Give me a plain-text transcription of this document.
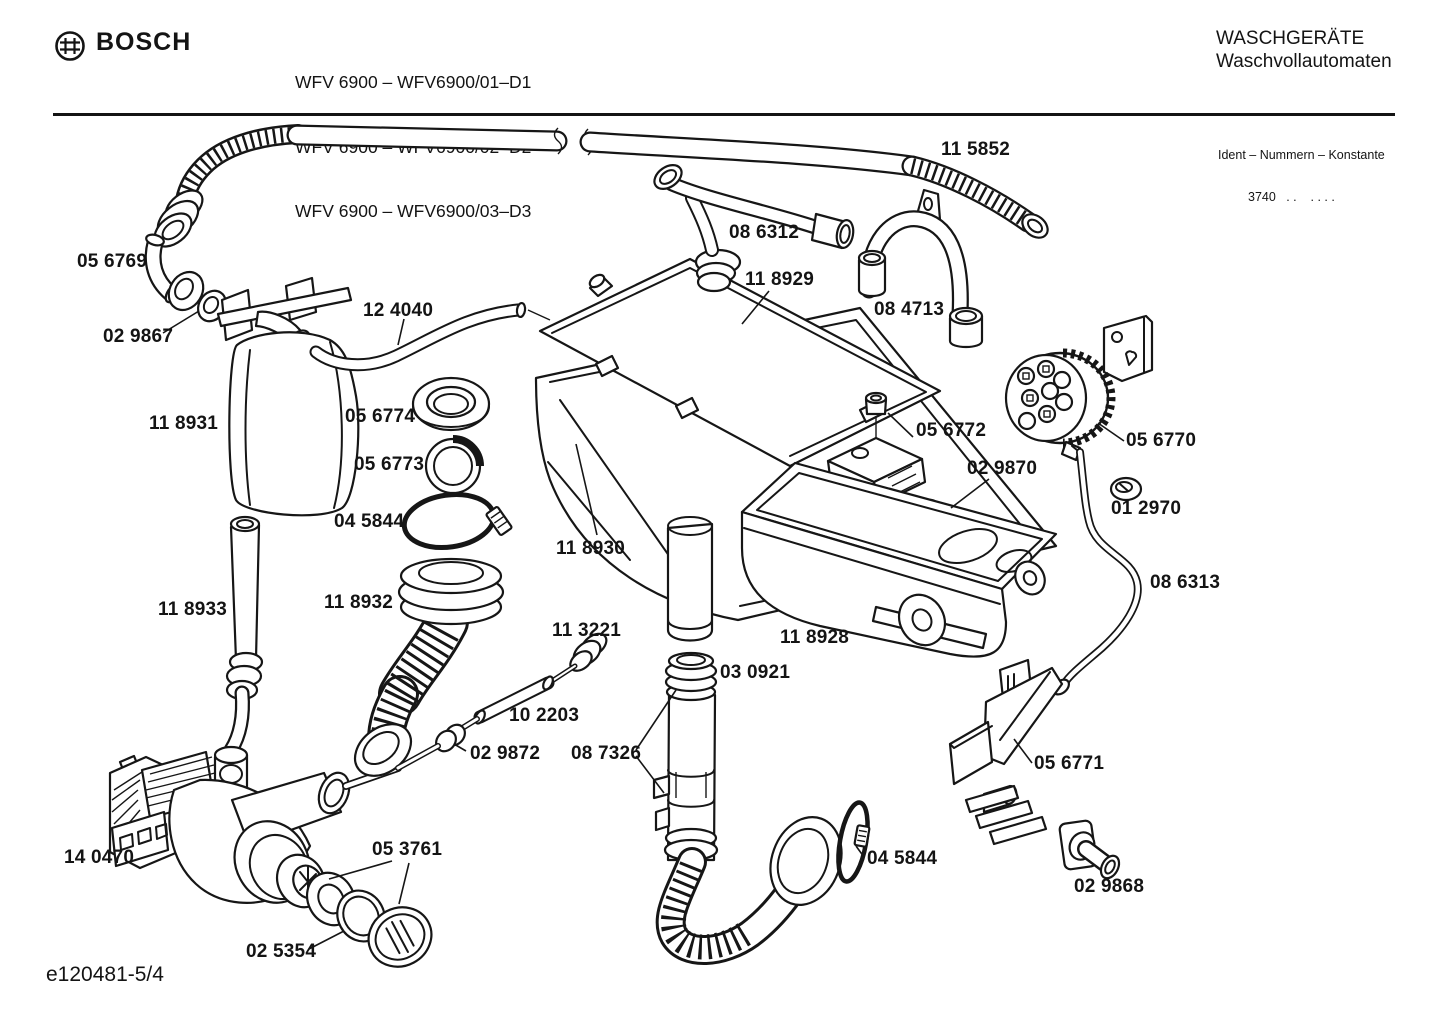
BOSCH

WFV 6900 – WFV6900/01–D1

WFV 6900 – WFV6900/02–D2

WFV 6900 – WFV6900/03–D3

WASCHGERÄTE
Waschvollautomaten

Ident – Nummern – Konstante

3740   . .    . . . .

05 6769
02 9867
12 4040
08 6312
11 5852
11 8929
08 4713
11 8931	05 6774
05 6773
04 5844
05 6772
02 9870
05 6770
01 2970
11 8930
08 6313
11 8933	11 8932
11 3221	11 8928
03 0921
10 2203
08 7326
02 9872	05 6771
14 0470	05 3761	04 5844
02 9868
02 5354
e120481-5/4
